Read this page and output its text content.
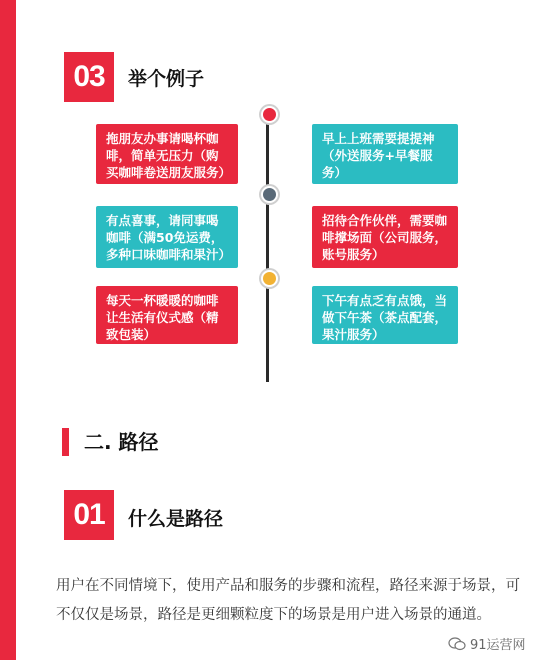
03 举个例子
拖朋友办事请喝杯咖啡，简单无压力（购买咖啡卷送朋友服务）
早上上班需要提提神（外送服务+早餐服务）
有点喜事，请同事喝咖啡（满50免运费，多种口味咖啡和果汁）
招待合作伙伴，需要咖啡撑场面（公司服务，账号服务）
每天一杯暖暖的咖啡让生活有仪式感（精致包装）
下午有点乏有点饿，当做下午茶（茶点配套，果汁服务）
二. 路径
01 什么是路径
用户在不同情境下，使用产品和服务的步骤和流程，路径来源于场景，可
不仅仅是场景，路径是更细颗粒度下的场景是用户进入场景的通道。
91运营网
